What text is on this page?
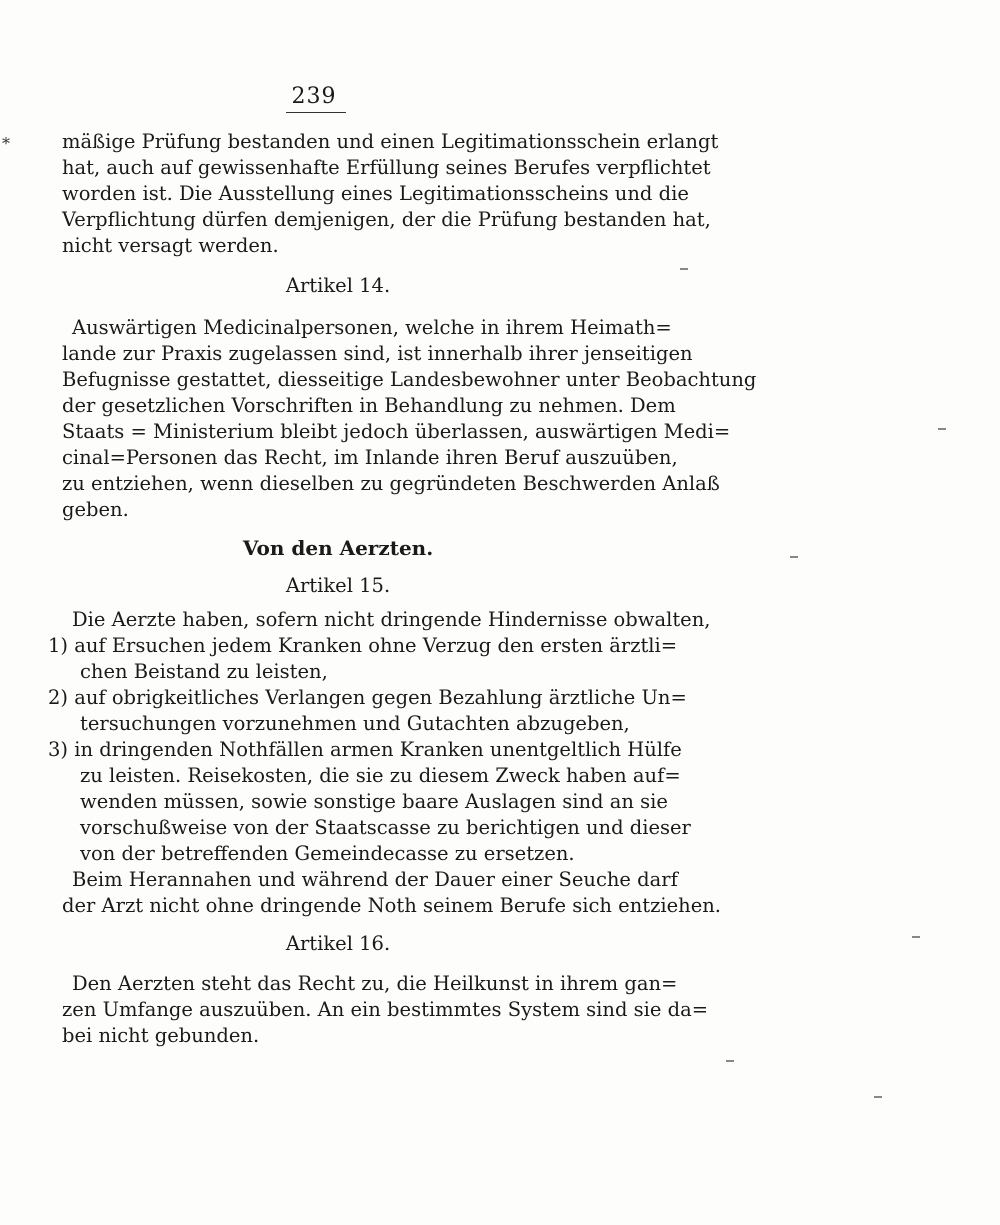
239
*	mäßige Prüfung bestanden und einen Legitimationsschein erlangt
hat, auch auf gewissenhafte Erfüllung seines Berufes verpflichtet
worden ist. Die Ausstellung eines Legitimationsscheins und die
Verpflichtung dürfen demjenigen, der die Prüfung bestanden hat,
nicht versagt werden.
Artikel 14.
Auswärtigen Medicinalpersonen, welche in ihrem Heimath=
lande zur Praxis zugelassen sind, ist innerhalb ihrer jenseitigen
Befugnisse gestattet, diesseitige Landesbewohner unter Beobachtung
der gesetzlichen Vorschriften in Behandlung zu nehmen. Dem
Staats = Ministerium bleibt jedoch überlassen, auswärtigen Medi=
cinal=Personen das Recht, im Inlande ihren Beruf auszuüben,
zu entziehen, wenn dieselben zu gegründeten Beschwerden Anlaß
geben.
Von den Aerzten.
Artikel 15.
Die Aerzte haben, sofern nicht dringende Hindernisse obwalten,
1) auf Ersuchen jedem Kranken ohne Verzug den ersten ärztli=
chen Beistand zu leisten,
2) auf obrigkeitliches Verlangen gegen Bezahlung ärztliche Un=
tersuchungen vorzunehmen und Gutachten abzugeben,
3) in dringenden Nothfällen armen Kranken unentgeltlich Hülfe
zu leisten. Reisekosten, die sie zu diesem Zweck haben auf=
wenden müssen, sowie sonstige baare Auslagen sind an sie
vorschußweise von der Staatscasse zu berichtigen und dieser
von der betreffenden Gemeindecasse zu ersetzen.
Beim Herannahen und während der Dauer einer Seuche darf
der Arzt nicht ohne dringende Noth seinem Berufe sich entziehen.
Artikel 16.
Den Aerzten steht das Recht zu, die Heilkunst in ihrem gan=
zen Umfange auszuüben. An ein bestimmtes System sind sie da=
bei nicht gebunden.
